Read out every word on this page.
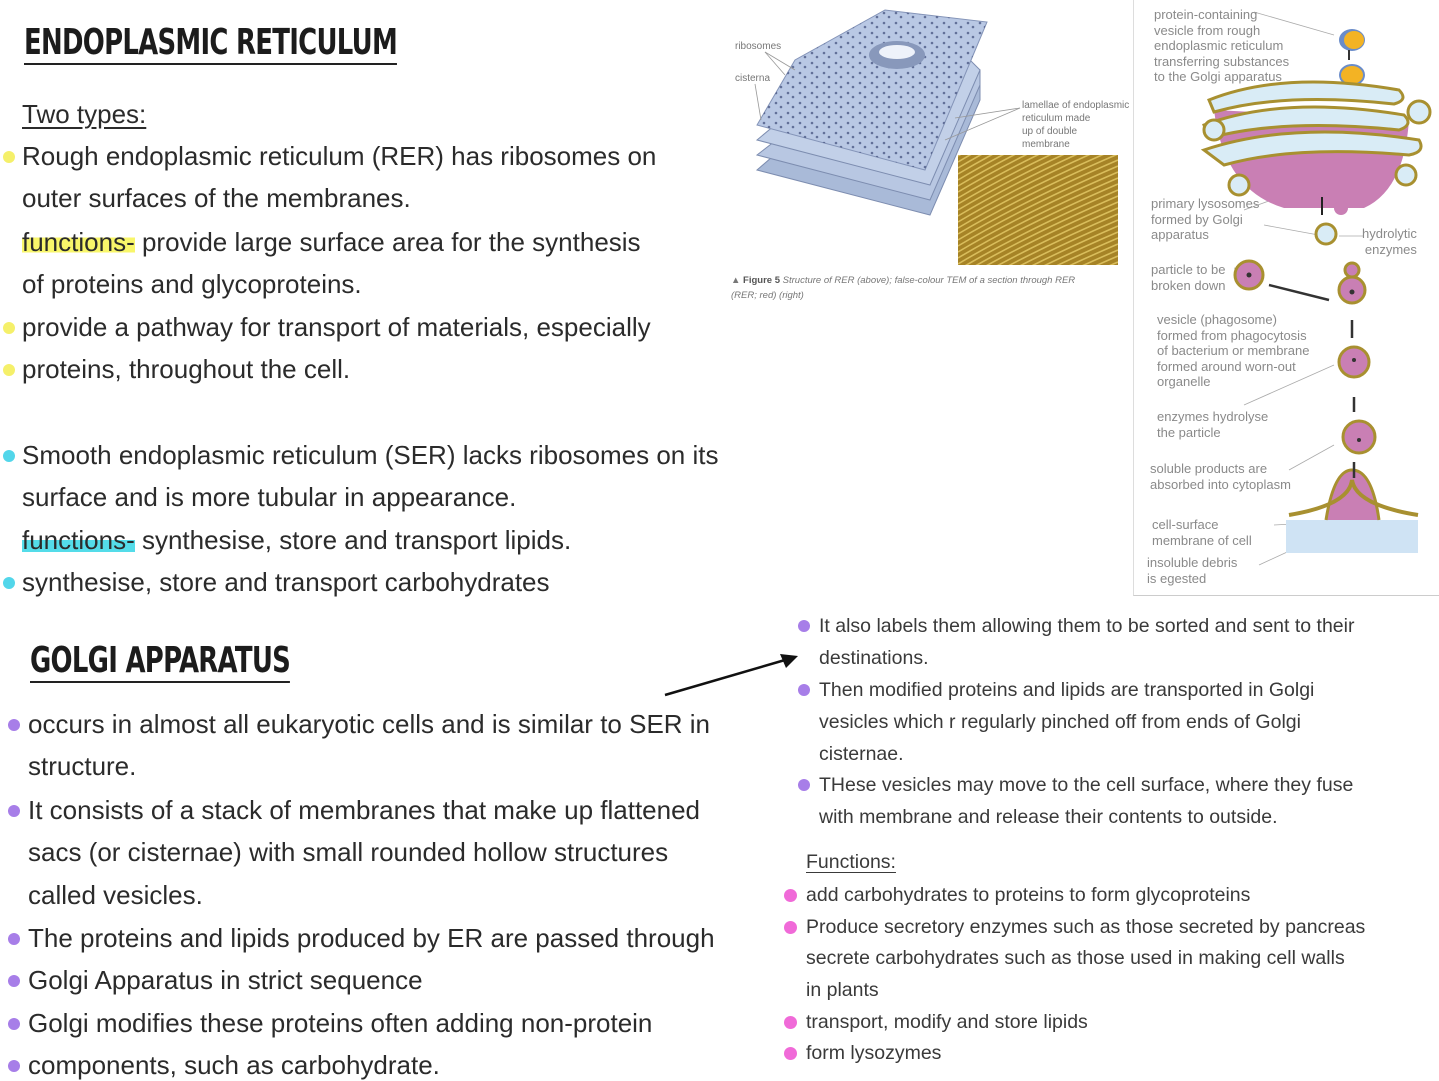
ENDOPLASMIC RETICULUM
Two types:
Rough endoplasmic reticulum (RER) has ribosomes on
outer surfaces of the membranes.
functions- provide large surface area for the synthesis
of proteins and glycoproteins.
provide a pathway for transport of materials, especially
proteins, throughout the cell.
Smooth endoplasmic reticulum (SER) lacks ribosomes on its
surface and is more tubular in appearance.
functions- synthesise, store and transport lipids.
synthesise, store and transport carbohydrates
GOLGI APPARATUS
occurs in almost all eukaryotic cells and is similar to SER in
structure.
It consists of a stack of membranes that make up flattened
sacs (or cisternae) with small rounded hollow structures
called vesicles.
The proteins and lipids produced by ER are passed through
Golgi Apparatus in strict sequence
Golgi modifies these proteins often adding non-protein
components, such as carbohydrate.
It also labels them allowing them to be sorted and sent to their
destinations.
Then modified proteins and lipids are transported in Golgi
vesicles which r regularly pinched off from ends of Golgi
cisternae.
THese vesicles may move to the cell surface, where they fuse
with membrane and release their contents to outside.
Functions:
add carbohydrates to proteins to form glycoproteins
Produce secretory enzymes such as those secreted by pancreas
secrete carbohydrates such as those used in making cell walls
in plants
transport, modify and store lipids
form lysozymes
ribosomes
cisterna
lamellae of endoplasmic
reticulum made
up of double
membrane
▲ Figure 5 Structure of RER (above); false-colour TEM of a section through RER
(RER; red) (right)
protein-containing
vesicle from rough
endoplasmic reticulum
transferring substances
to the Golgi apparatus
primary lysosomes
formed by Golgi
apparatus	hydrolytic
enzymes
particle to be
broken down
vesicle (phagosome)
formed from phagocytosis
of bacterium or membrane
formed around worn-out
organelle
enzymes hydrolyse
the particle
soluble products are
absorbed into cytoplasm
cell-surface
membrane of cell
insoluble debris
is egested
